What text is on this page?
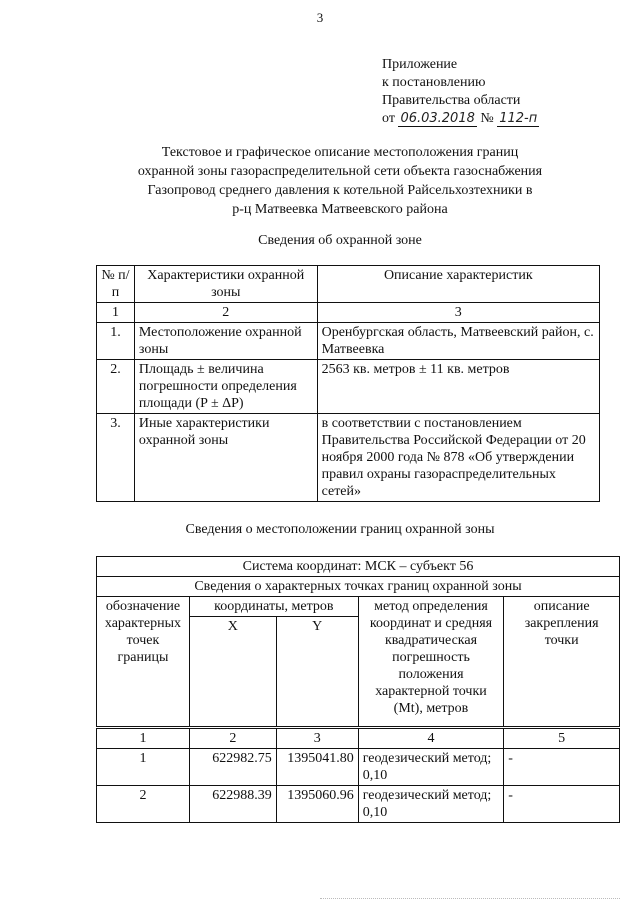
3
Приложение
к постановлению
Правительства области
от 06.03.2018 № 112-п
Текстовое и графическое описание местоположения границ
охранной зоны газораспределительной сети объекта газоснабжения
Газопровод среднего давления к котельной Райсельхозтехники в
р-ц Матвеевка Матвеевского района
Сведения об охранной зоне
№ п/п	Характеристики охранной зоны	Описание характеристик
1	2	3
1.	Местоположение охранной зоны	Оренбургская область, Матвеевский район, с. Матвеевка
2.	Площадь ± величина погрешности определения площади (P ± ΔP)	2563 кв. метров ± 11 кв. метров
3.	Иные характеристики охранной зоны	в соответствии с постановлением Правительства Российской Федерации от 20 ноября 2000 года № 878 «Об утверждении правил охраны газораспределительных сетей»
Сведения о местоположении границ охранной зоны
Система координат: МСК – субъект 56				
Сведения о характерных точках границ охранной зоны				
обозначение характерных точек границы	координаты, метров		метод определения координат и средняя квадратическая погрешность положения характерной точки (Mt), метров	описание закрепления точки
	X	Y		
1	2	3	4	5
1	622982.75	1395041.80	геодезический метод; 0,10	-
2	622988.39	1395060.96	геодезический метод; 0,10	-
